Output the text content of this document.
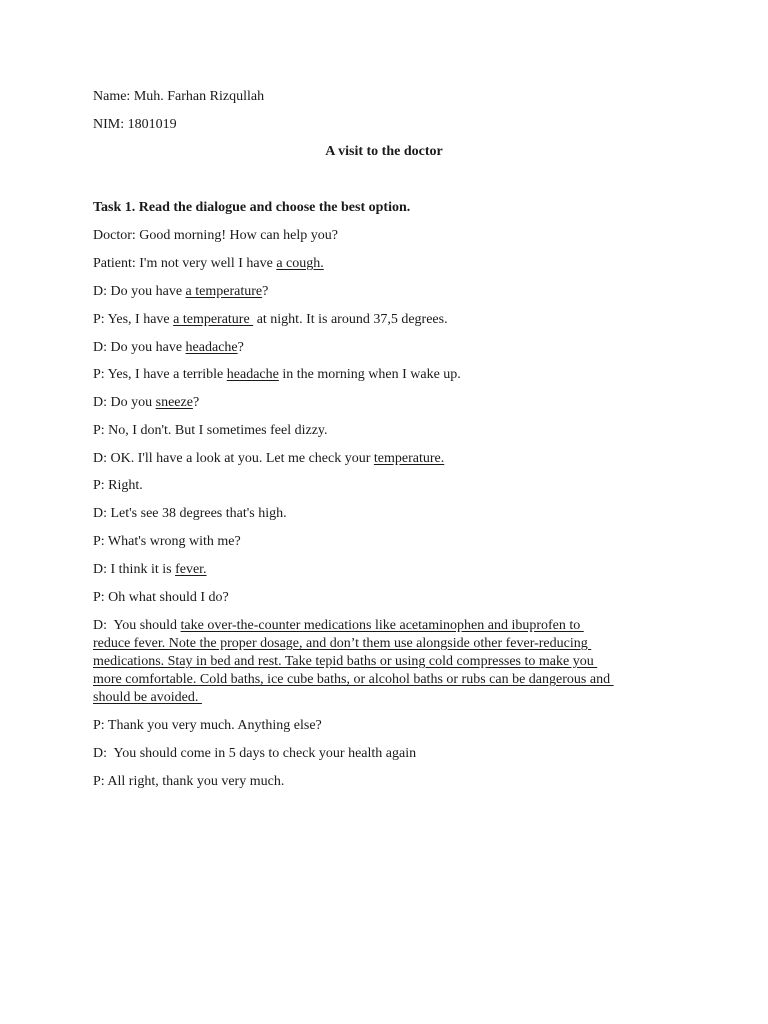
Name: Muh. Farhan Rizqullah
NIM: 1801019
A visit to the doctor
Task 1. Read the dialogue and choose the best option.
Doctor: Good morning! How can help you?
Patient: I'm not very well I have a cough.
D: Do you have a temperature?
P: Yes, I have a temperature  at night. It is around 37,5 degrees.
D: Do you have headache?
P: Yes, I have a terrible headache in the morning when I wake up.
D: Do you sneeze?
P: No, I don't. But I sometimes feel dizzy.
D: OK. I'll have a look at you. Let me check your temperature.
P: Right.
D: Let's see 38 degrees that's high.
P: What's wrong with me?
D: I think it is fever.
P: Oh what should I do?
D:  You should take over-the-counter medications like acetaminophen and ibuprofen to
reduce fever. Note the proper dosage, and don’t them use alongside other fever-reducing
medications. Stay in bed and rest. Take tepid baths or using cold compresses to make you
more comfortable. Cold baths, ice cube baths, or alcohol baths or rubs can be dangerous and
should be avoided.
P: Thank you very much. Anything else?
D:  You should come in 5 days to check your health again
P: All right, thank you very much.
